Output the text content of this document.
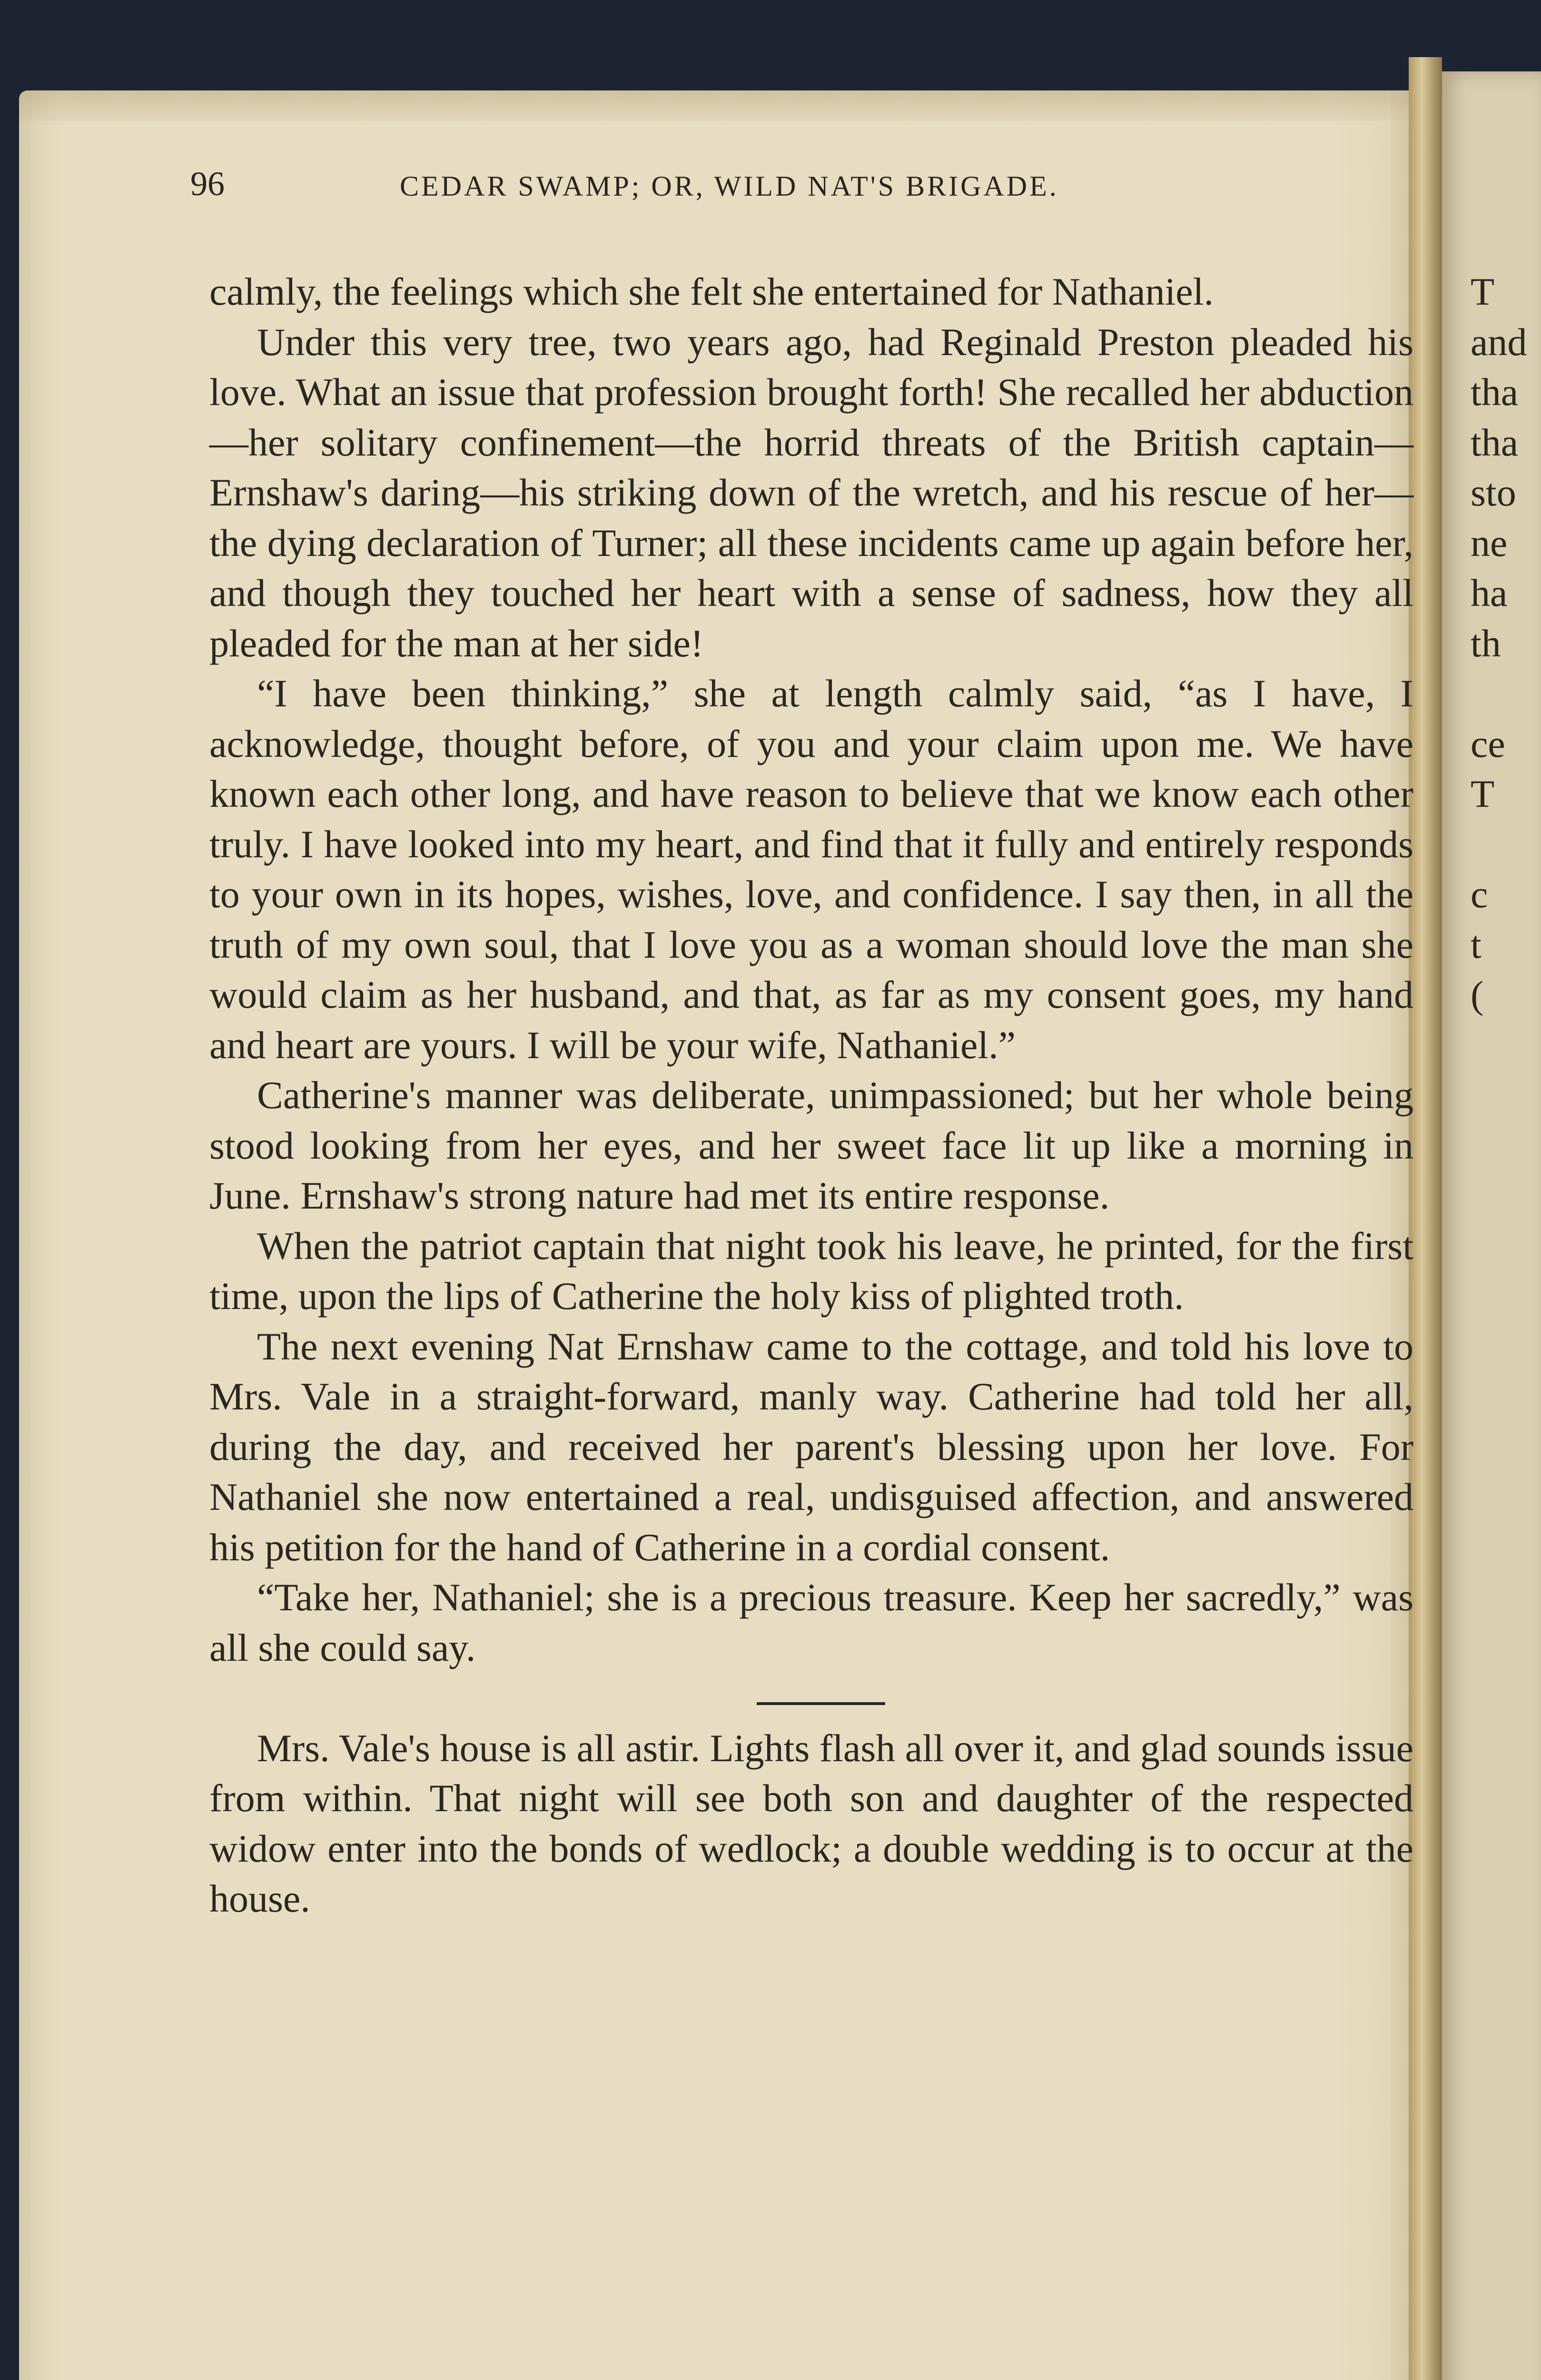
96	CEDAR SWAMP; OR, WILD NAT'S BRIGADE.

calmly, the feelings which she felt she entertained for Nathaniel.

Under this very tree, two years ago, had Reginald Preston pleaded his love. What an issue that profession brought forth! She recalled her abduction—her solitary confinement—the horrid threats of the British captain—Ernshaw's daring—his striking down of the wretch, and his rescue of her—the dying declaration of Turner; all these incidents came up again before her, and though they touched her heart with a sense of sadness, how they all pleaded for the man at her side!

“I have been thinking,” she at length calmly said, “as I have, I acknowledge, thought before, of you and your claim upon me. We have known each other long, and have reason to believe that we know each other truly. I have looked into my heart, and find that it fully and entirely responds to your own in its hopes, wishes, love, and confidence. I say then, in all the truth of my own soul, that I love you as a woman should love the man she would claim as her husband, and that, as far as my consent goes, my hand and heart are yours. I will be your wife, Nathaniel.”

Catherine's manner was deliberate, unimpassioned; but her whole being stood looking from her eyes, and her sweet face lit up like a morning in June. Ernshaw's strong nature had met its entire response.

When the patriot captain that night took his leave, he printed, for the first time, upon the lips of Catherine the holy kiss of plighted troth.

The next evening Nat Ernshaw came to the cottage, and told his love to Mrs. Vale in a straight-forward, manly way. Catherine had told her all, during the day, and received her parent's blessing upon her love. For Nathaniel she now entertained a real, undisguised affection, and answered his petition for the hand of Catherine in a cordial consent.

“Take her, Nathaniel; she is a precious treasure. Keep her sacredly,” was all she could say.

Mrs. Vale's house is all astir. Lights flash all over it, and glad sounds issue from within. That night will see both son and daughter of the respected widow enter into the bonds of wedlock; a double wedding is to occur at the house.

T
and
tha
tha
sto
ne
ha
th
ce
T
c
t
(
